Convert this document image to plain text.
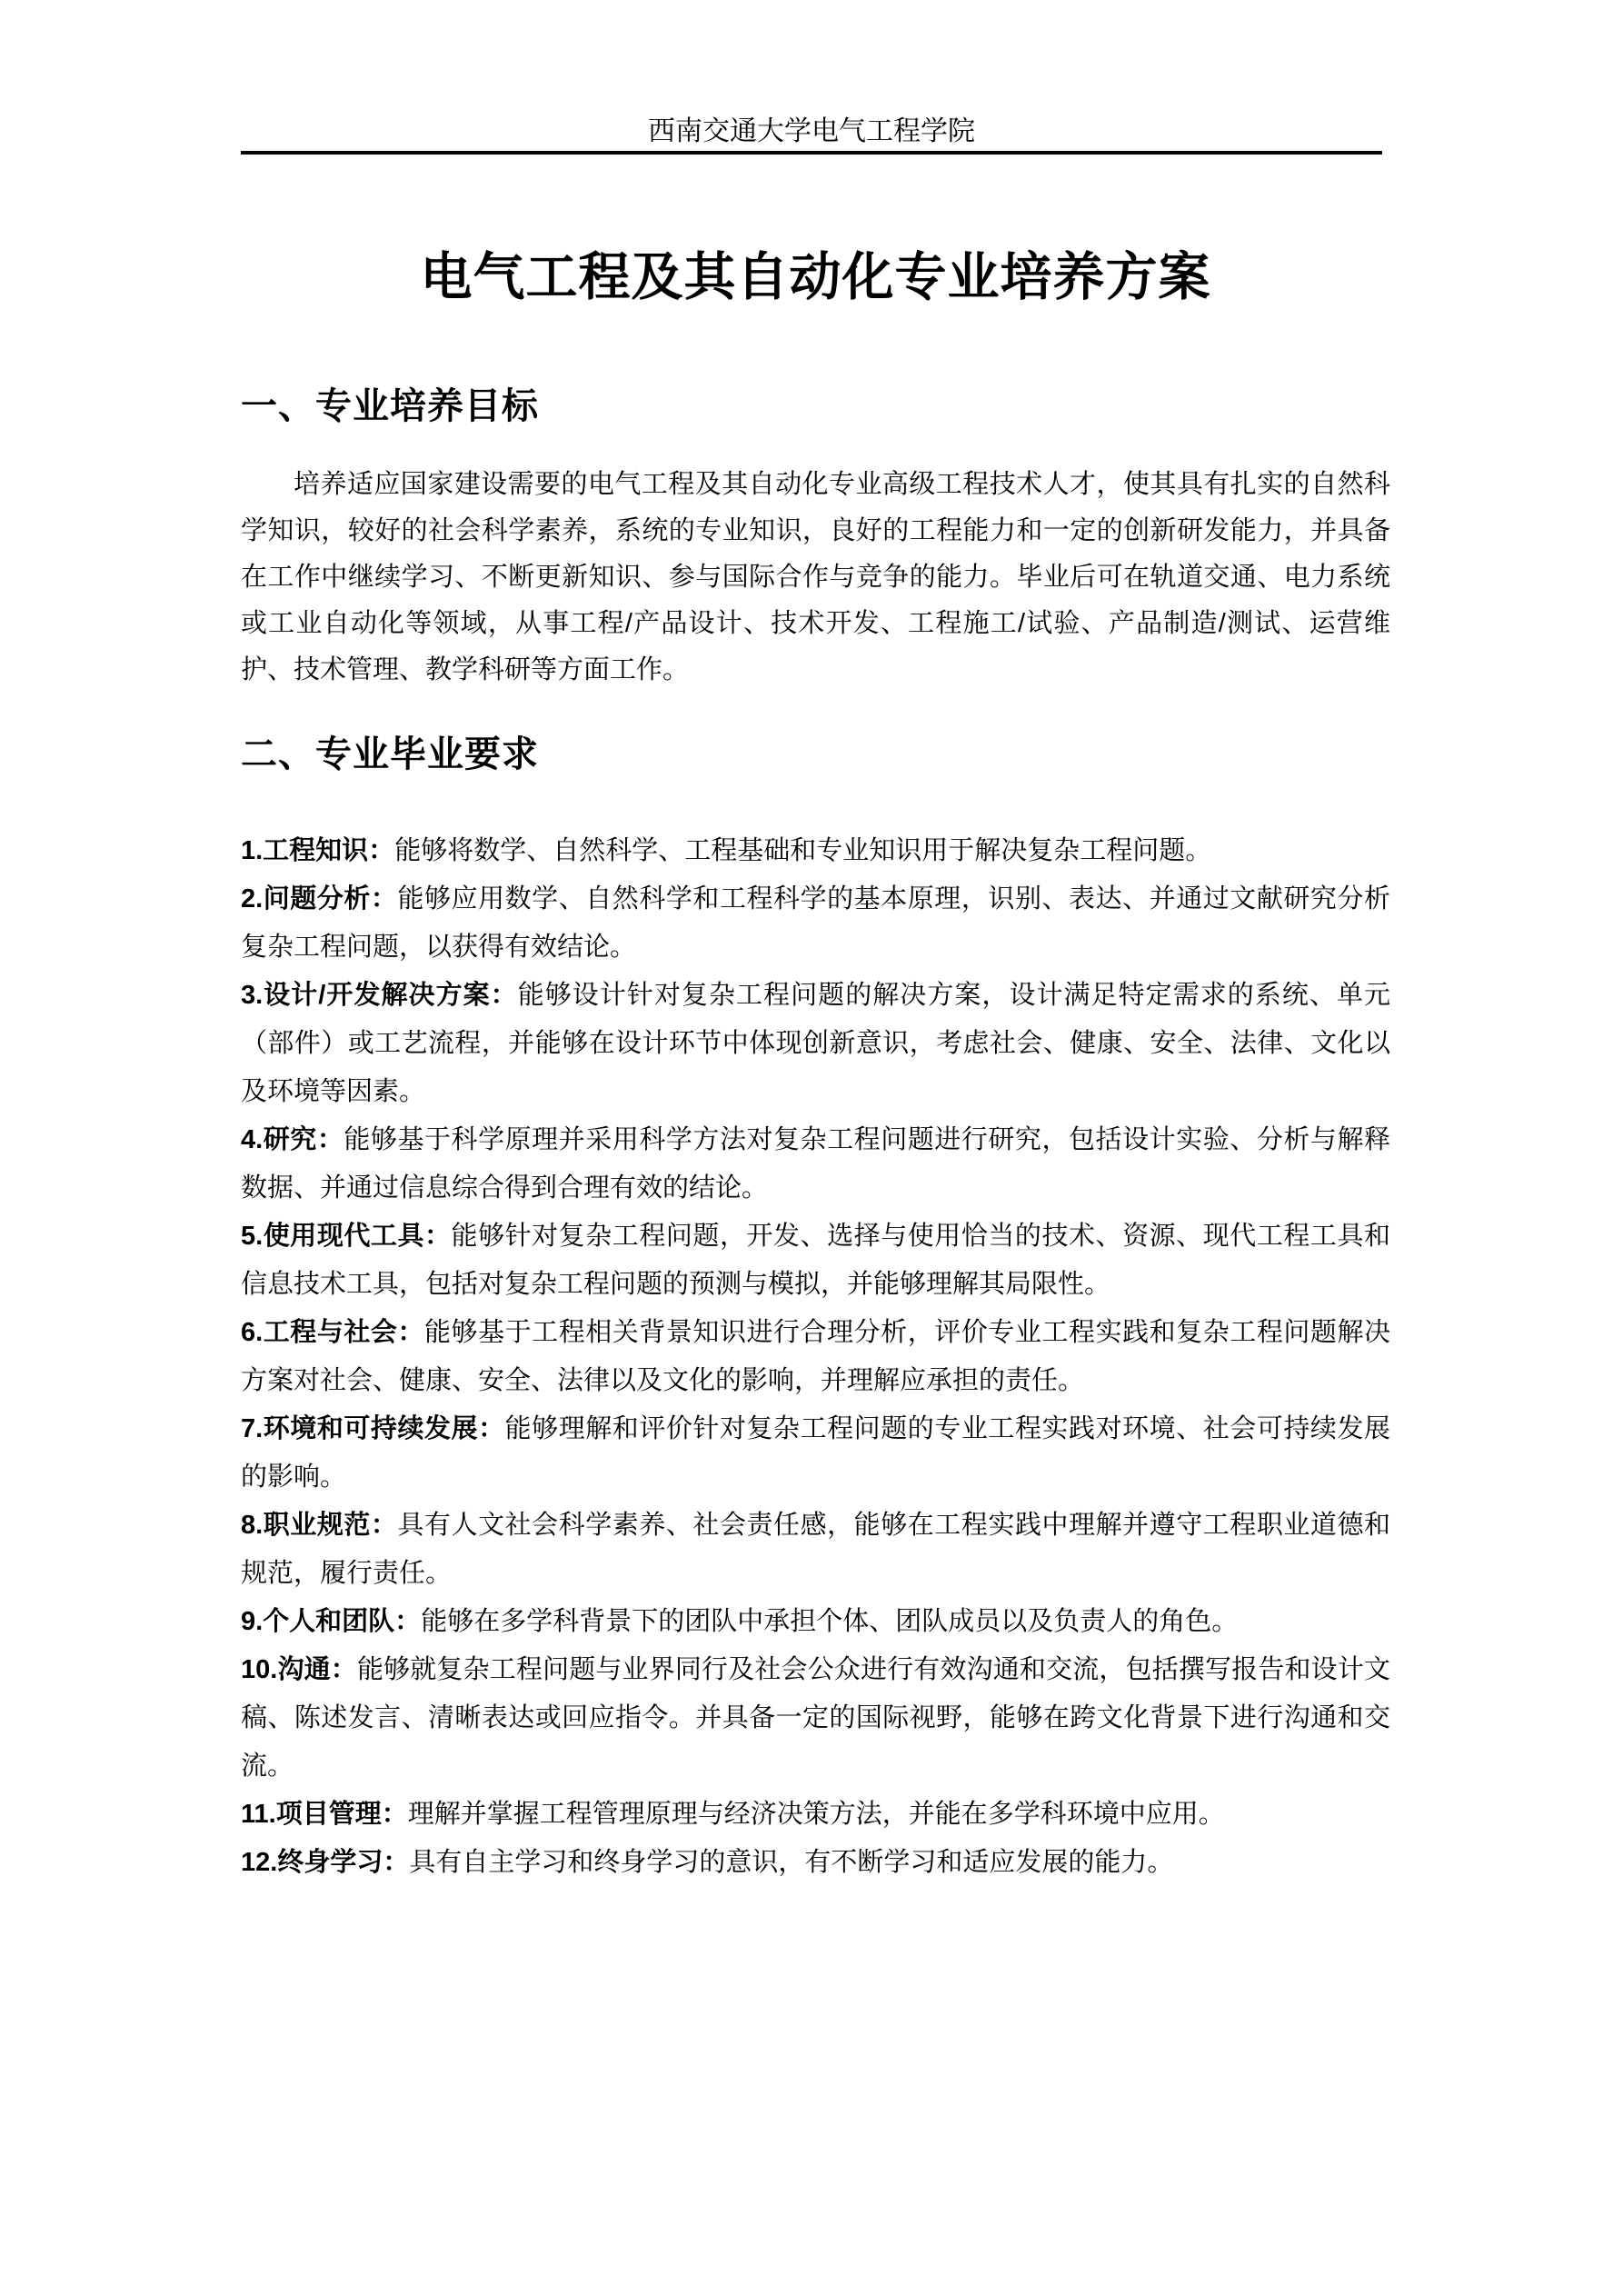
西南交通大学电气工程学院
电气工程及其自动化专业培养方案
一、专业培养目标

培养适应国家建设需要的电气工程及其自动化专业高级工程技术人才，使其具有扎实的自然科学知识，较好的社会科学素养，系统的专业知识，良好的工程能力和一定的创新研发能力，并具备在工作中继续学习、不断更新知识、参与国际合作与竞争的能力。毕业后可在轨道交通、电力系统或工业自动化等领域，从事工程/产品设计、技术开发、工程施工/试验、产品制造/测试、运营维护、技术管理、教学科研等方面工作。

二、专业毕业要求

1.工程知识：能够将数学、自然科学、工程基础和专业知识用于解决复杂工程问题。

2.问题分析：能够应用数学、自然科学和工程科学的基本原理，识别、表达、并通过文献研究分析复杂工程问题，以获得有效结论。

3.设计/开发解决方案：能够设计针对复杂工程问题的解决方案，设计满足特定需求的系统、单元（部件）或工艺流程，并能够在设计环节中体现创新意识，考虑社会、健康、安全、法律、文化以及环境等因素。

4.研究：能够基于科学原理并采用科学方法对复杂工程问题进行研究，包括设计实验、分析与解释数据、并通过信息综合得到合理有效的结论。

5.使用现代工具：能够针对复杂工程问题，开发、选择与使用恰当的技术、资源、现代工程工具和信息技术工具，包括对复杂工程问题的预测与模拟，并能够理解其局限性。

6.工程与社会：能够基于工程相关背景知识进行合理分析，评价专业工程实践和复杂工程问题解决方案对社会、健康、安全、法律以及文化的影响，并理解应承担的责任。

7.环境和可持续发展：能够理解和评价针对复杂工程问题的专业工程实践对环境、社会可持续发展的影响。

8.职业规范：具有人文社会科学素养、社会责任感，能够在工程实践中理解并遵守工程职业道德和规范，履行责任。

9.个人和团队：能够在多学科背景下的团队中承担个体、团队成员以及负责人的角色。

10.沟通：能够就复杂工程问题与业界同行及社会公众进行有效沟通和交流，包括撰写报告和设计文稿、陈述发言、清晰表达或回应指令。并具备一定的国际视野，能够在跨文化背景下进行沟通和交流。

11.项目管理：理解并掌握工程管理原理与经济决策方法，并能在多学科环境中应用。

12.终身学习：具有自主学习和终身学习的意识，有不断学习和适应发展的能力。
